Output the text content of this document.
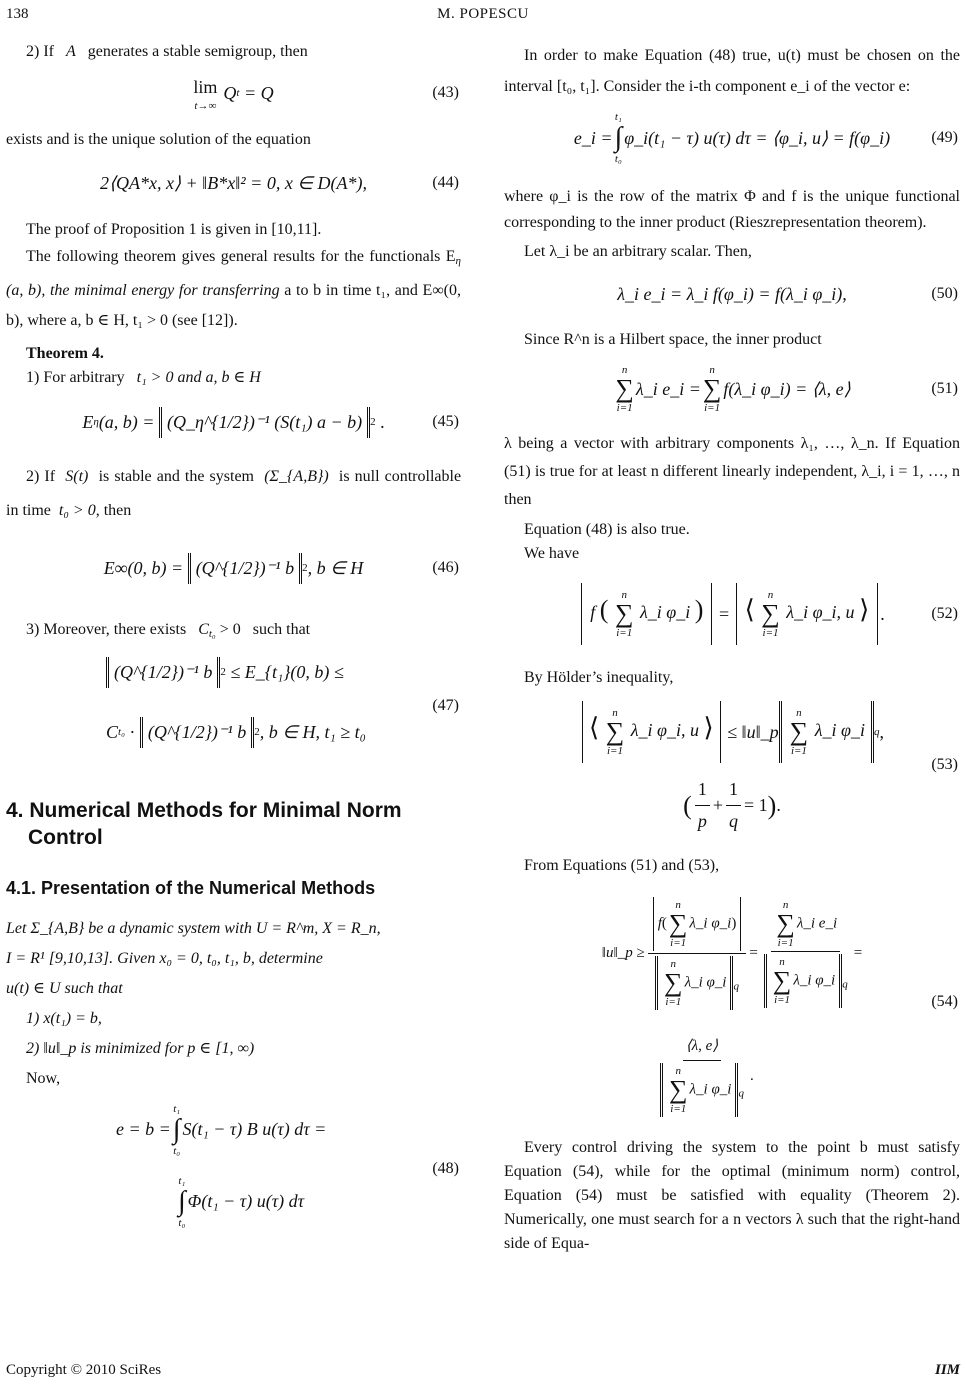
138	M. POPESCU

2) If A generates a stable semigroup, then

lim
t→∞
Q t
= Q	(43)

exists and is the unique solution of the equation

2⟨QA*x, x⟩ + ‖B*x‖² = 0, x ∈ D(A*),	(44)

The proof of Proposition 1 is given in [10,11].

The following theorem gives general results for the functionals $E_\eta$ (a, b), the minimal energy for transferring a to b in time t₁, and E∞(0, b), where a, b ∈ H, t₁ > 0 (see [12]).

Theorem 4.

1) For arbitrary t₁ > 0 and a, b ∈ H

E η (a, b) =
(Q_η^{1/2})⁻¹ (S(t₁) a − b) 2 .	(45)

2) If S(t) is stable and the system (Σ_{A,B}) is null controllable in time t₀ > 0, then

E∞(0, b) =
(Q^{1/2})⁻¹ b 2 , b ∈ H	(46)

3) Moreover, there exists $C_{t_0} > 0$ such that

(Q^{1/2})⁻¹ b 2
≤ E_{t₁}(0, b) ≤
C t₀
·
(Q^{1/2})⁻¹ b 2 , b ∈ H, t₁ ≥ t₀
(47)
4. Numerical Methods for Minimal Norm
Control
4.1. Presentation of the Numerical Methods

Let Σ_{A,B} be a dynamic system with U = R^m, X = R_n,
I = R¹ [9,10,13]. Given x₀ = 0, t₀, t₁, b, determine
u(t) ∈ U such that

1) x(t₁) = b,

2) ‖u‖_p is minimized for p ∈ [1, ∞)

Now,

e = b =
t₁
∫
t₀
S(t₁ − τ) B u(τ) dτ =
t₁
∫
t₀
Φ(t₁ − τ) u(τ) dτ
(48)

In order to make Equation (48) true, u(t) must be chosen on the interval [t₀, t₁]. Consider the i-th component e_i of the vector e:

e_i =
t₁
∫
t₀
φ_i(t₁ − τ) u(τ) dτ = ⟨φ_i, u⟩ = f(φ_i)	(49)

where φ_i is the row of the matrix Φ and f is the unique functional corresponding to the inner product (Rieszrepresentation theorem).

Let λ_i be an arbitrary scalar. Then,

λ_i e_i = λ_i f(φ_i) = f(λ_i φ_i),	(50)

Since R^n is a Hilbert space, the inner product

n
∑
i=1
λ_i e_i =
n
∑
i=1
f(λ_i φ_i) = ⟨λ, e⟩	(51)

λ being a vector with arbitrary components λ₁, …, λ_n. If Equation (51) is true for at least n different linearly independent, λ_i, i = 1, …, n then

Equation (48) is also true.

We have

f (
n
∑
i=1
λ_i φ_i )
=
⟨
n
∑
i=1
λ_i φ_i, u ⟩ .	(52)

By Hölder’s inequality,

⟨
n
∑
i=1
λ_i φ_i, u ⟩
≤ ‖u‖_p
n
∑
i=1
λ_i φ_i q ,
( $\frac{1}{p} + \frac{1}{q} = 1$ ) .
(53)

From Equations (51) and (53),

‖u‖_p ≥ f(
n
∑
i=1
λ_i φ_i)
n
∑
i=1
λ_i φ_i $_q$ = n
∑
i=1
λ_i e_i
n
∑
i=1
λ_i φ_i $_q$ =
⟨λ, e⟩
n
∑
i=1
λ_i φ_i $_q$ .
(54)

Every control driving the system to the point b must satisfy Equation (54), while for the optimal (minimum norm) control, Equation (54) must be satisfied with equality (Theorem 2). Numerically, one must search for a n vectors λ such that the right-hand side of Equa-

Copyright © 2010 SciRes	IIM
